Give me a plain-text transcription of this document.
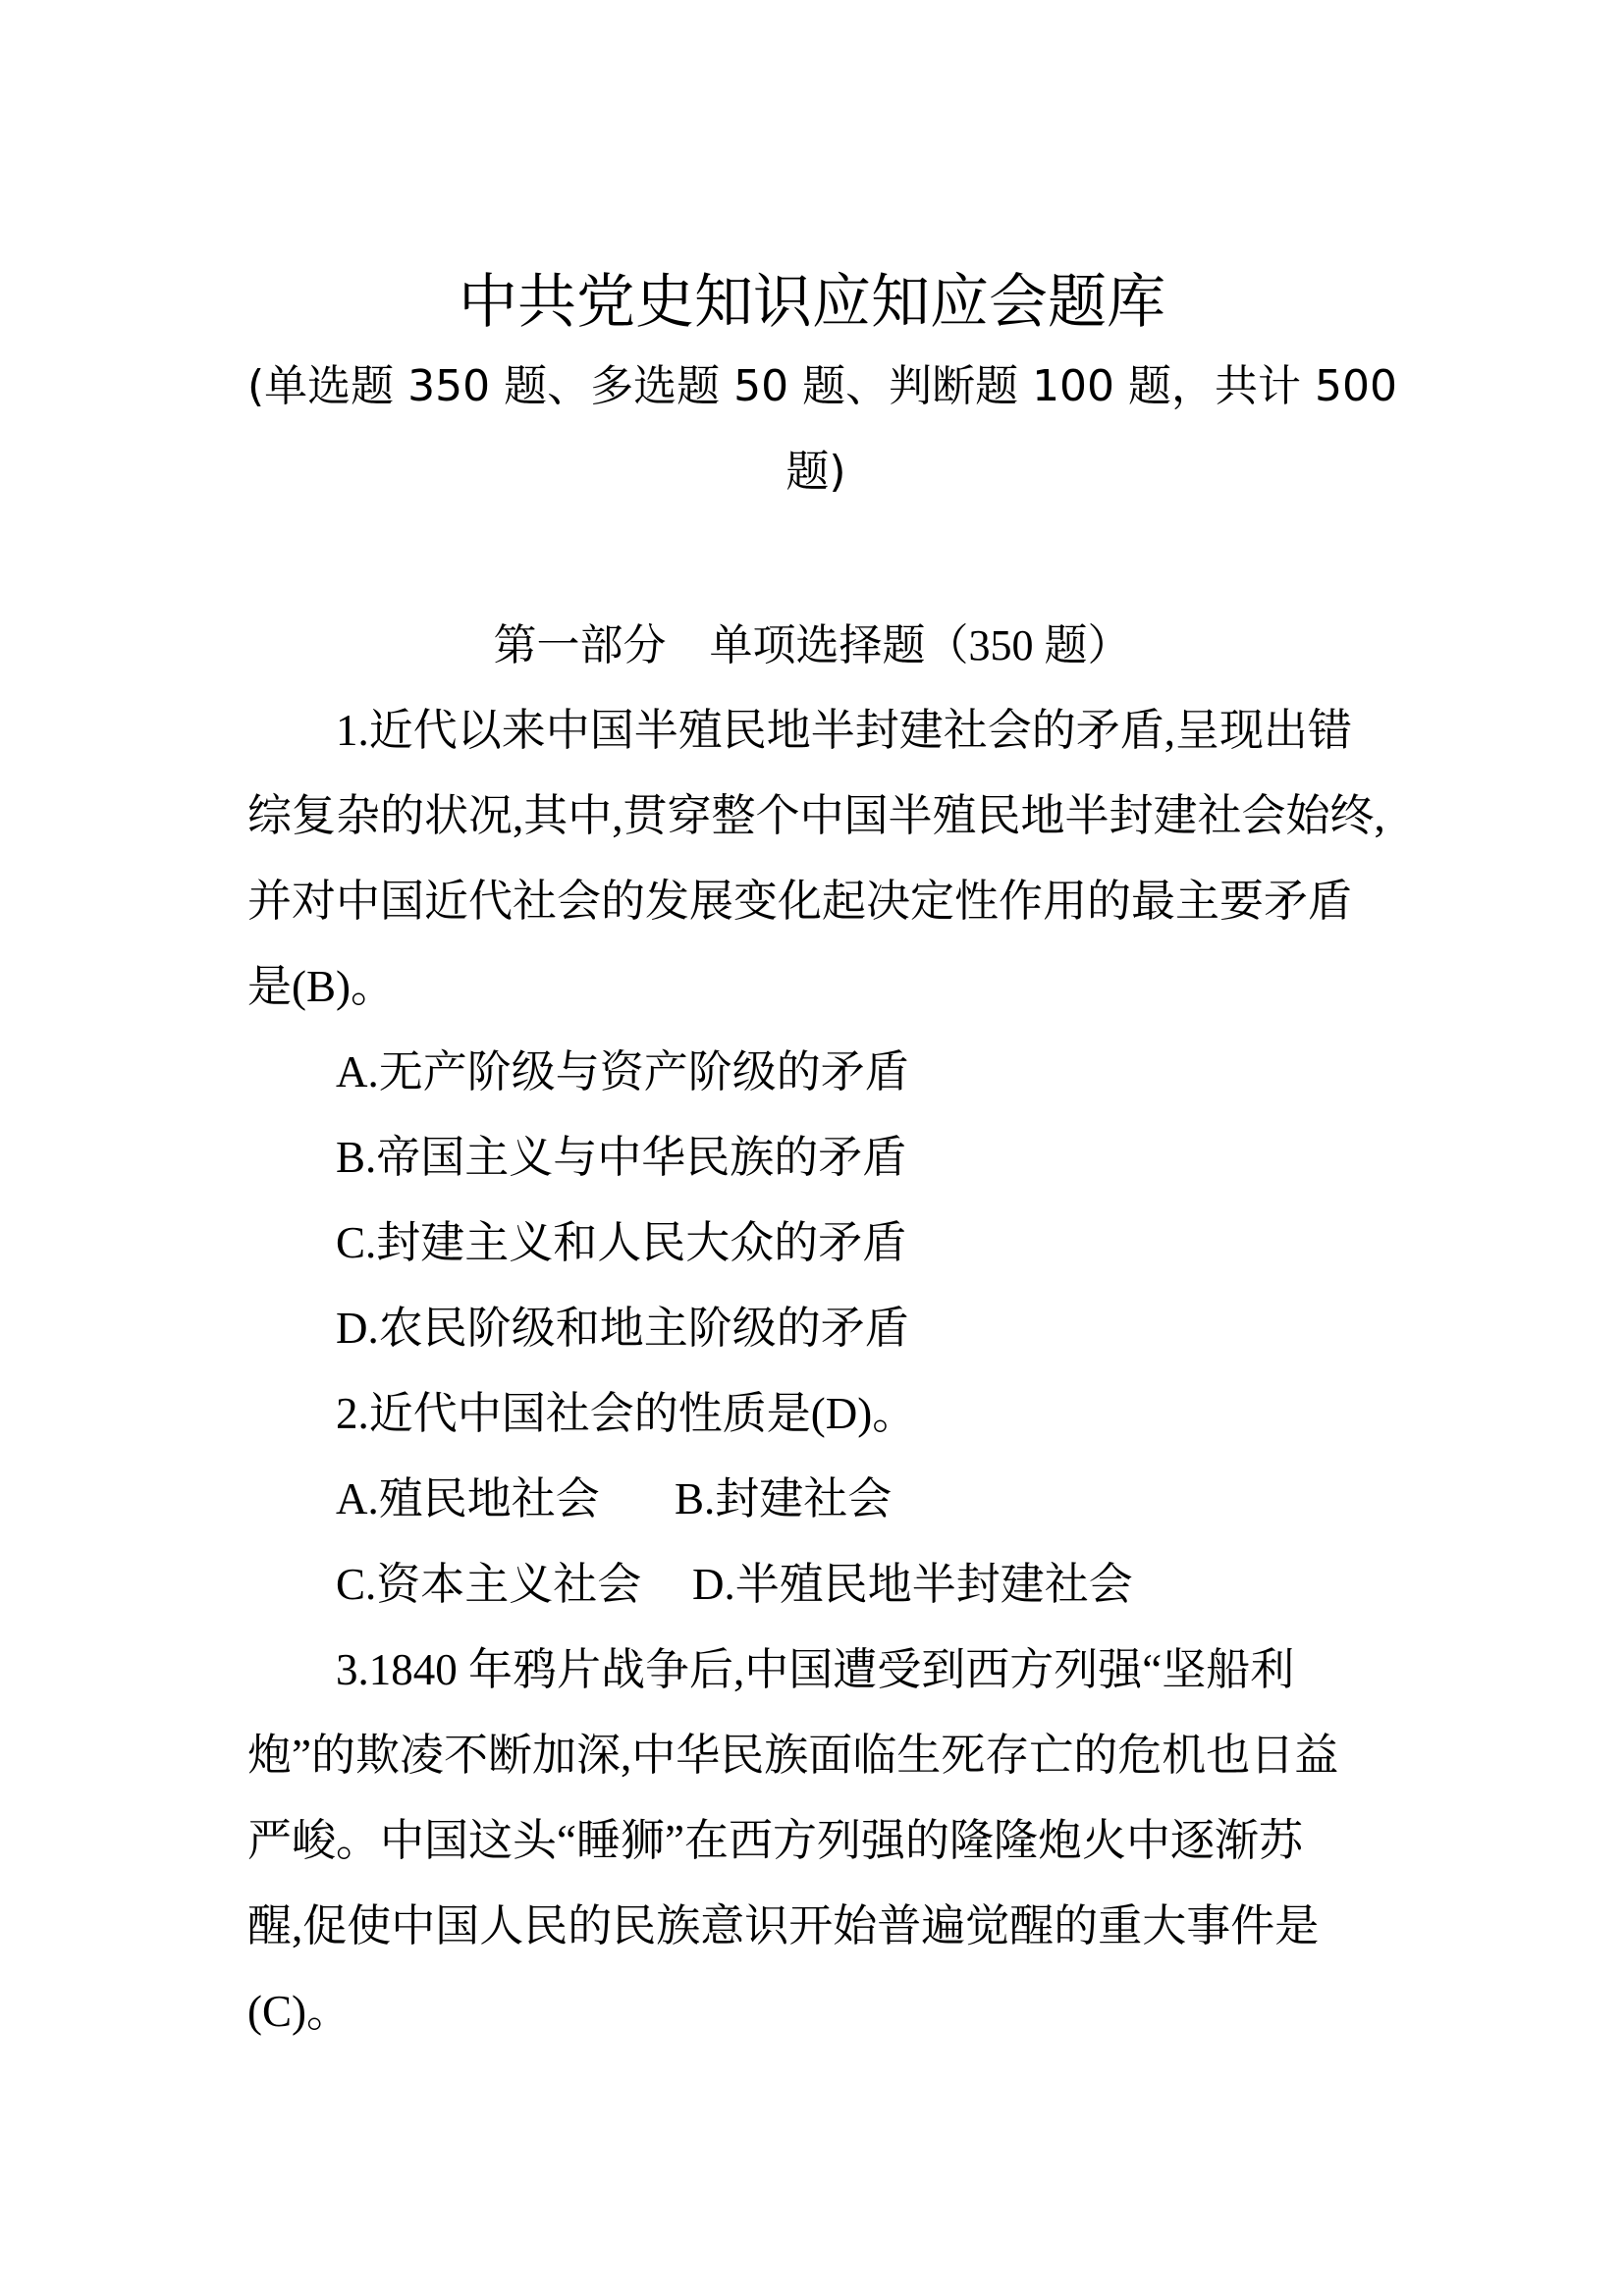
中共党史知识应知应会题库
(单选题 350 题、多选题 50 题、判断题 100 题，共计 500
题)
第一部分    单项选择题（350 题）
1.近代以来中国半殖民地半封建社会的矛盾,呈现出错
综复杂的状况,其中,贯穿整个中国半殖民地半封建社会始终,
并对中国近代社会的发展变化起决定性作用的最主要矛盾
是(B)。
A.无产阶级与资产阶级的矛盾
B.帝国主义与中华民族的矛盾
C.封建主义和人民大众的矛盾
D.农民阶级和地主阶级的矛盾
2.近代中国社会的性质是(D)。
A.殖民地社会 B.封建社会
C.资本主义社会 D.半殖民地半封建社会
3.1840 年鸦片战争后,中国遭受到西方列强“坚船利
炮”的欺凌不断加深,中华民族面临生死存亡的危机也日益
严峻。中国这头“睡狮”在西方列强的隆隆炮火中逐渐苏
醒,促使中国人民的民族意识开始普遍觉醒的重大事件是
(C)。
